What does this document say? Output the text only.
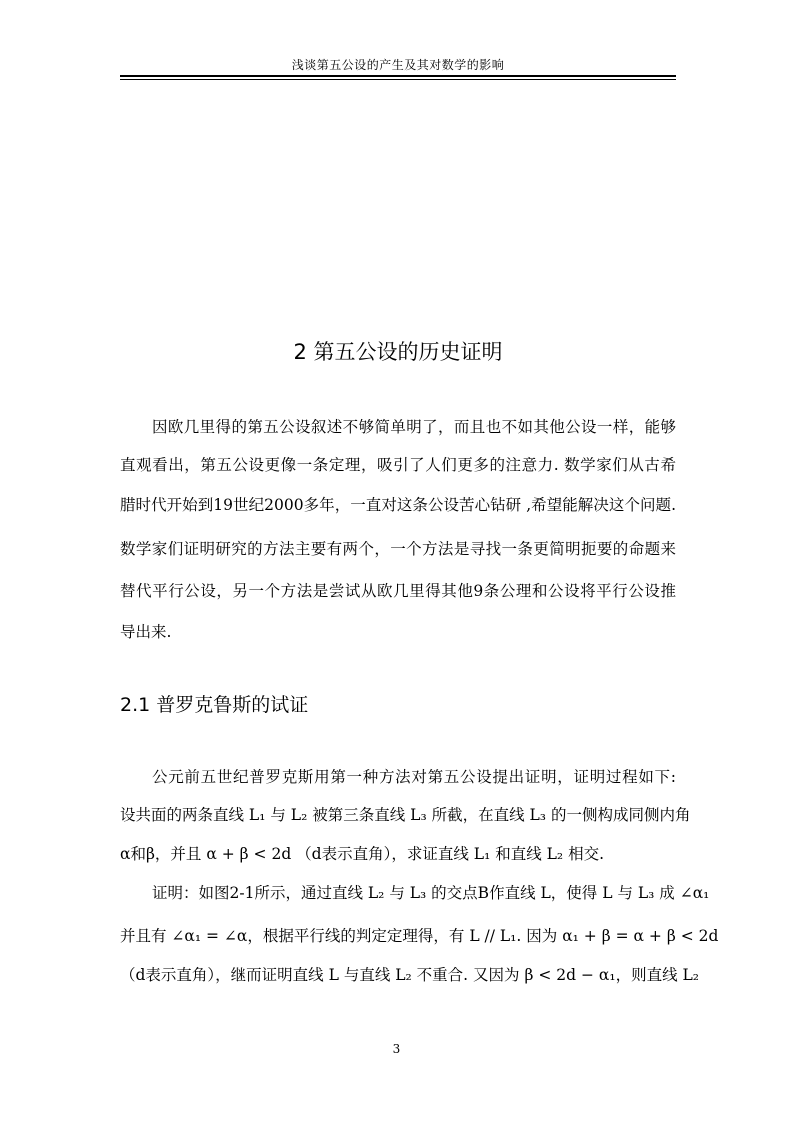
浅谈第五公设的产生及其对数学的影响
2 第五公设的历史证明
因欧几里得的第五公设叙述不够简单明了，而且也不如其他公设一样，能够
直观看出，第五公设更像一条定理，吸引了人们更多的注意力. 数学家们从古希
腊时代开始到19世纪2000多年，一直对这条公设苦心钻研 ,希望能解决这个问题.
数学家们证明研究的方法主要有两个，一个方法是寻找一条更简明扼要的命题来
替代平行公设，另一个方法是尝试从欧几里得其他9条公理和公设将平行公设推
导出来.
2.1 普罗克鲁斯的试证
公元前五世纪普罗克斯用第一种方法对第五公设提出证明，证明过程如下:
设共面的两条直线 L₁ 与 L₂ 被第三条直线 L₃ 所截，在直线 L₃ 的一侧构成同侧内角
α和β，并且 α + β < 2d （d表示直角），求证直线 L₁ 和直线 L₂ 相交.
证明：如图2-1所示，通过直线 L₂ 与 L₃ 的交点B作直线 L，使得 L 与 L₃ 成 ∠α₁
并且有 ∠α₁ = ∠α，根据平行线的判定定理得，有 L // L₁. 因为 α₁ + β = α + β < 2d
（d表示直角），继而证明直线 L 与直线 L₂ 不重合. 又因为 β < 2d − α₁，则直线 L₂
3
